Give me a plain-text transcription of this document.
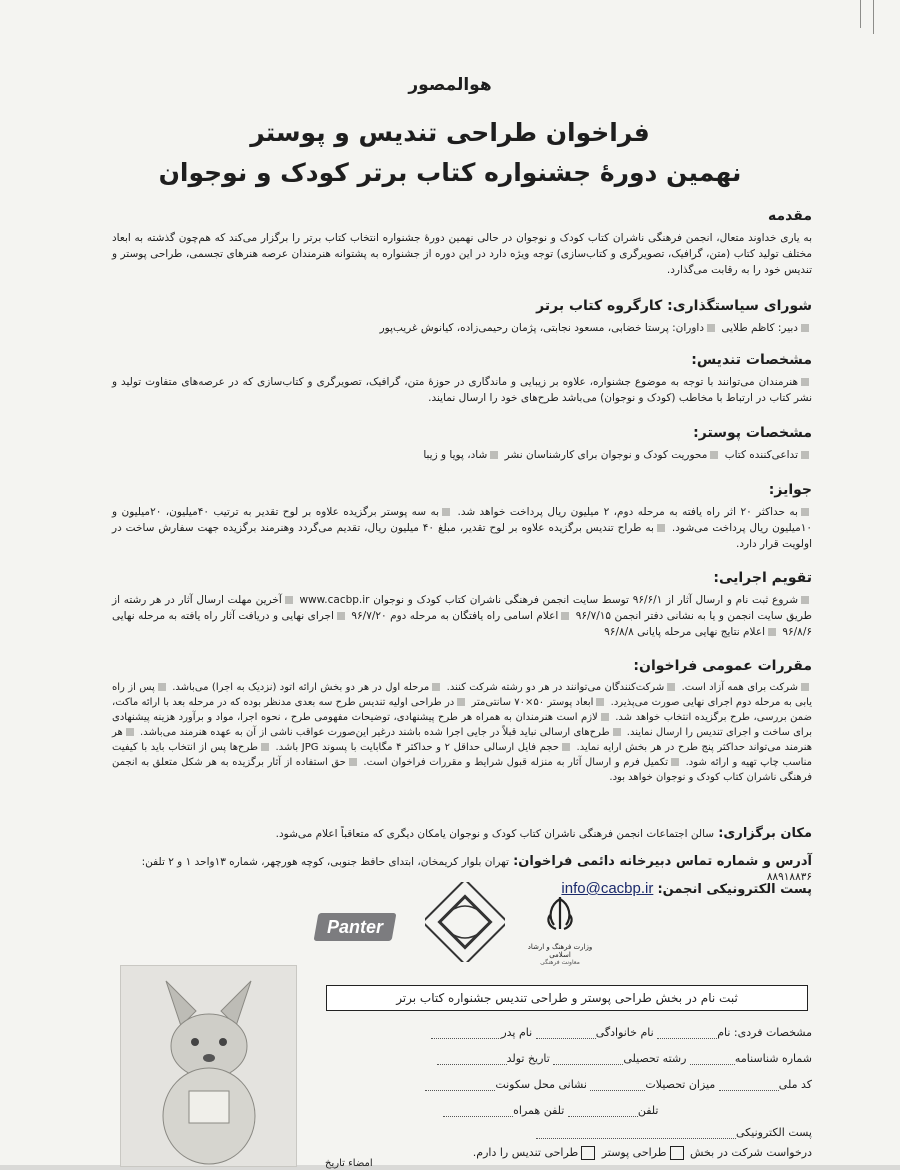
هوالمصور
فراخوان طراحی تندیس و پوستر
نهمین دورهٔ جشنواره کتاب برتر کودک و نوجوان
مقدمه

به یاری خداوند متعال، انجمن فرهنگی ناشران کتاب کودک و نوجوان در حالی نهمین دورهٔ جشنواره انتخاب کتاب برتر را برگزار می‌کند که هم‌چون گذشته به ابعاد مختلف تولید کتاب (متن، گرافیک، تصویرگری و کتاب‌سازی) توجه ویژه دارد در این دوره از جشنواره به پشتوانه هنرمندان عرصه هنرهای تجسمی، طراحی پوستر و تندیس خود را به رقابت می‌گذارد.

شورای سیاستگذاری: کارگروه کتاب برتر

دبیر: کاظم طلایی داوران: پرستا خضابی، مسعود نجابتی، پژمان رحیمی‌زاده، کیانوش غریب‌پور

مشخصات تندیس:

هنرمندان می‌توانند با توجه به موضوع جشنواره، علاوه بر زیبایی و ماندگاری در حوزهٔ متن، گرافیک، تصویرگری و کتاب‌سازی که در عرصه‌های متفاوت تولید و نشر کتاب در ارتباط با مخاطب (کودک و نوجوان) می‌باشد طرح‌های خود را ارسال نمایند.

مشخصات پوستر:

تداعی‌کننده کتاب محوریت کودک و نوجوان برای کارشناسان نشر شاد، پویا و زیبا

جوایز:

به حداکثر ۲۰ اثر راه یافته به مرحله دوم، ۲ میلیون ریال پرداخت خواهد شد. به سه پوستر برگزیده علاوه بر لوح تقدیر به ترتیب ۴۰میلیون، ۲۰میلیون و ۱۰میلیون ریال پرداخت می‌شود. به طراح تندیس برگزیده علاوه بر لوح تقدیر، مبلغ ۴۰ میلیون ریال، تقدیم می‌گردد وهنرمند برگزیده جهت سفارش ساخت در اولویت قرار دارد.

تقویم اجرایی:

شروع ثبت نام و ارسال آثار از ۹۶/۶/۱ توسط سایت انجمن فرهنگی ناشران کتاب کودک و نوجوان www.cacbp.ir آخرین مهلت ارسال آثار در هر رشته از طریق سایت انجمن و یا به نشانی دفتر انجمن ۹۶/۷/۱۵ اعلام اسامی راه یافتگان به مرحله دوم ۹۶/۷/۲۰ اجرای نهایی و دریافت آثار راه یافته به مرحله نهایی ۹۶/۸/۶ اعلام نتایج نهایی مرحله پایانی ۹۶/۸/۸

مقررات عمومی فراخوان:

شرکت برای همه آزاد است. شرکت‌کنندگان می‌توانند در هر دو رشته شرکت کنند. مرحله اول در هر دو بخش ارائه اتود (نزدیک به اجرا) می‌باشد. پس از راه یابی به مرحله دوم اجرای نهایی صورت می‌پذیرد. ابعاد پوستر ۵۰×۷۰ سانتی‌متر در طراحی اولیه تندیس طرح سه بعدی مدنظر بوده که در مرحله بعد با ارائه ماکت، ضمن بررسی، طرح برگزیده انتخاب خواهد شد. لازم است هنرمندان به همراه هر طرح پیشنهادی، توضیحات مفهومی طرح ، نحوه اجرا، مواد و برآورد هزینه پیشنهادی برای ساخت و اجرای تندیس را ارسال نمایند. طرح‌های ارسالی نباید قبلاً در جایی اجرا شده باشند درغیر این‌صورت عواقب ناشی از آن به عهده هنرمند می‌باشد. هر هنرمند می‌تواند حداکثر پنج طرح در هر بخش ارایه نماید. حجم فایل ارسالی حداقل ۲ و حداکثر ۴ مگابایت با پسوند JPG باشد. طرح‌ها پس از انتخاب باید با کیفیت مناسب چاپ تهیه و ارائه شود. تکمیل فرم و ارسال آثار به منزله قبول شرایط و مقررات فراخوان است. حق استفاده از آثار برگزیده به هر شکل متعلق به انجمن فرهنگی ناشران کتاب کودک و نوجوان خواهد بود.

مکان برگزاری: سالن اجتماعات انجمن فرهنگی ناشران کتاب کودک و نوجوان یامکان دیگری که متعاقباً اعلام می‌شود.
آدرس و شماره تماس دبیرخانه دائمی فراخوان: تهران بلوار کریمخان، ابتدای حافظ جنوبی، کوچه هورچهر، شماره ۱۳واحد ۱ و ۲ تلفن: ۸۸۹۱۸۸۳۶
پست الکترونیکی انجمن: info@cacbp.ir
وزارت فرهنگ و ارشاد اسلامی
معاونت فرهنگی
Panter
ثبت نام در بخش طراحی پوستر و طراحی تندیس جشنواره کتاب برتر
مشخصات فردی: نام نام خانوادگی نام پدر
شماره شناسنامه رشته تحصیلی تاریخ تولد
کد ملی میزان تحصیلات نشانی محل سکونت
تلفن تلفن همراه
پست الکترونیکی
درخواست شرکت در بخش طراحی پوستر طراحی تندیس را دارم.
امضاء تاریخ
